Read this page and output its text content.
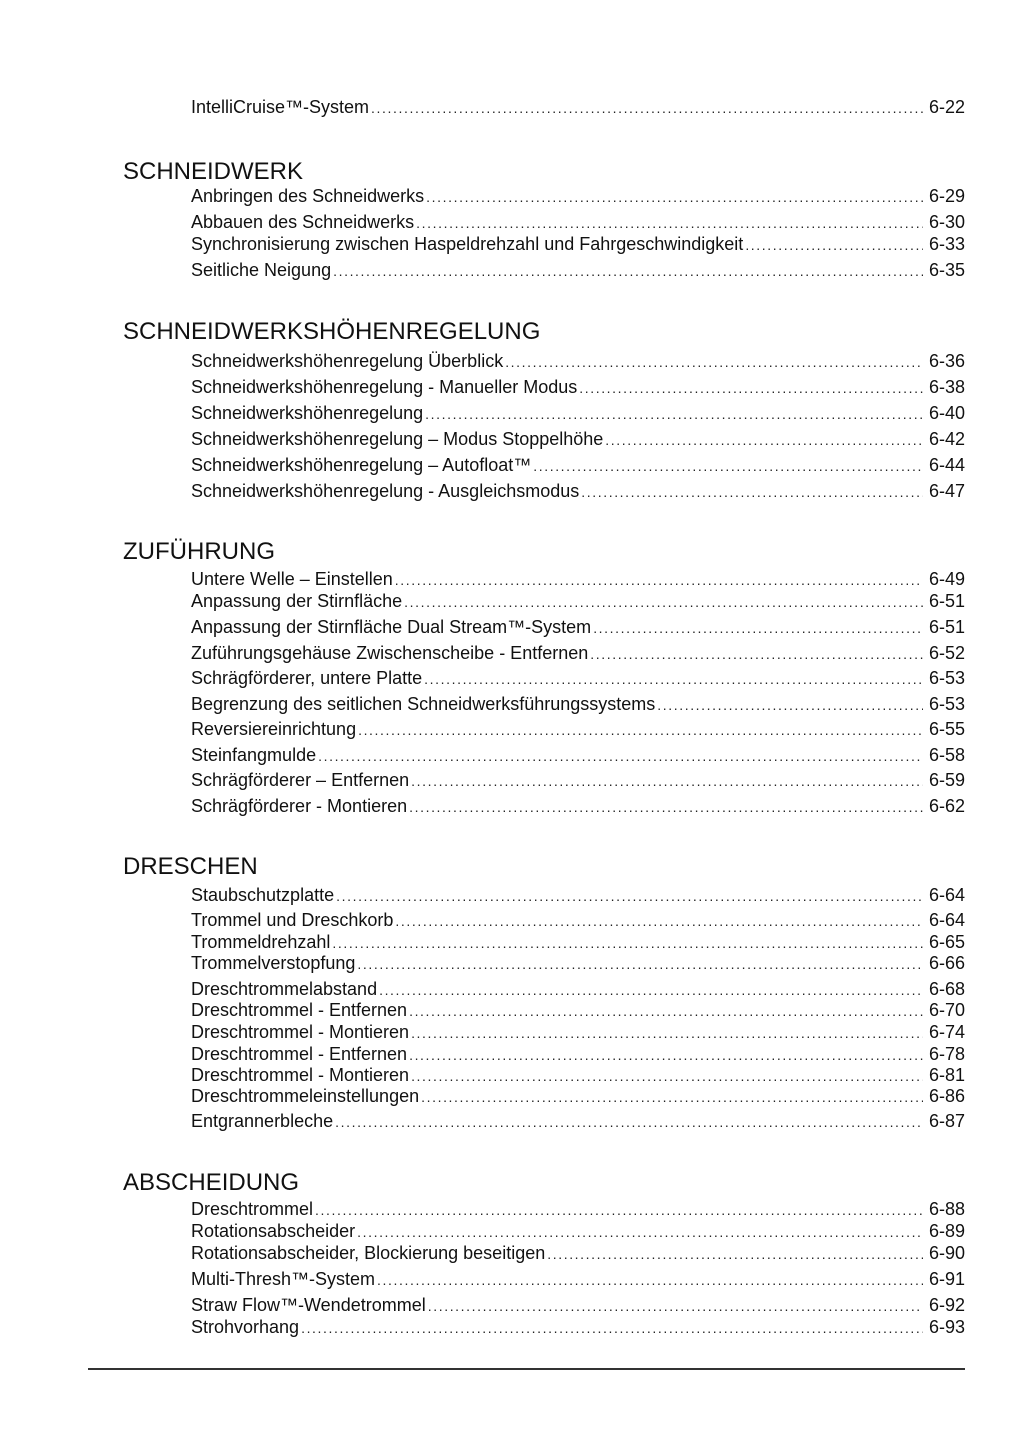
IntelliCruise™-System .....	6-22
SCHNEIDWERK
Anbringen des Schneidwerks .....	6-29
Abbauen des Schneidwerks .....	6-30
Synchronisierung zwischen Haspeldrehzahl und Fahrgeschwindigkeit .....	6-33
Seitliche Neigung .....	6-35
SCHNEIDWERKSHÖHENREGELUNG
Schneidwerkshöhenregelung Überblick .....	6-36
Schneidwerkshöhenregelung - Manueller Modus .....	6-38
Schneidwerkshöhenregelung .....	6-40
Schneidwerkshöhenregelung – Modus Stoppelhöhe .....	6-42
Schneidwerkshöhenregelung – Autofloat™ .....	6-44
Schneidwerkshöhenregelung - Ausgleichsmodus .....	6-47
ZUFÜHRUNG
Untere Welle – Einstellen .....	6-49
Anpassung der Stirnfläche .....	6-51
Anpassung der Stirnfläche Dual Stream™-System .....	6-51
Zuführungsgehäuse Zwischenscheibe - Entfernen .....	6-52
Schrägförderer, untere Platte .....	6-53
Begrenzung des seitlichen Schneidwerksführungssystems .....	6-53
Reversiereinrichtung .....	6-55
Steinfangmulde .....	6-58
Schrägförderer – Entfernen .....	6-59
Schrägförderer - Montieren .....	6-62
DRESCHEN
Staubschutzplatte .....	6-64
Trommel und Dreschkorb .....	6-64
Trommeldrehzahl .....	6-65
Trommelverstopfung .....	6-66
Dreschtrommelabstand .....	6-68
Dreschtrommel - Entfernen .....	6-70
Dreschtrommel - Montieren .....	6-74
Dreschtrommel - Entfernen .....	6-78
Dreschtrommel - Montieren .....	6-81
Dreschtrommeleinstellungen .....	6-86
Entgrannerbleche .....	6-87
ABSCHEIDUNG
Dreschtrommel .....	6-88
Rotationsabscheider .....	6-89
Rotationsabscheider, Blockierung beseitigen .....	6-90
Multi-Thresh™-System .....	6-91
Straw Flow™-Wendetrommel .....	6-92
Strohvorhang .....	6-93
